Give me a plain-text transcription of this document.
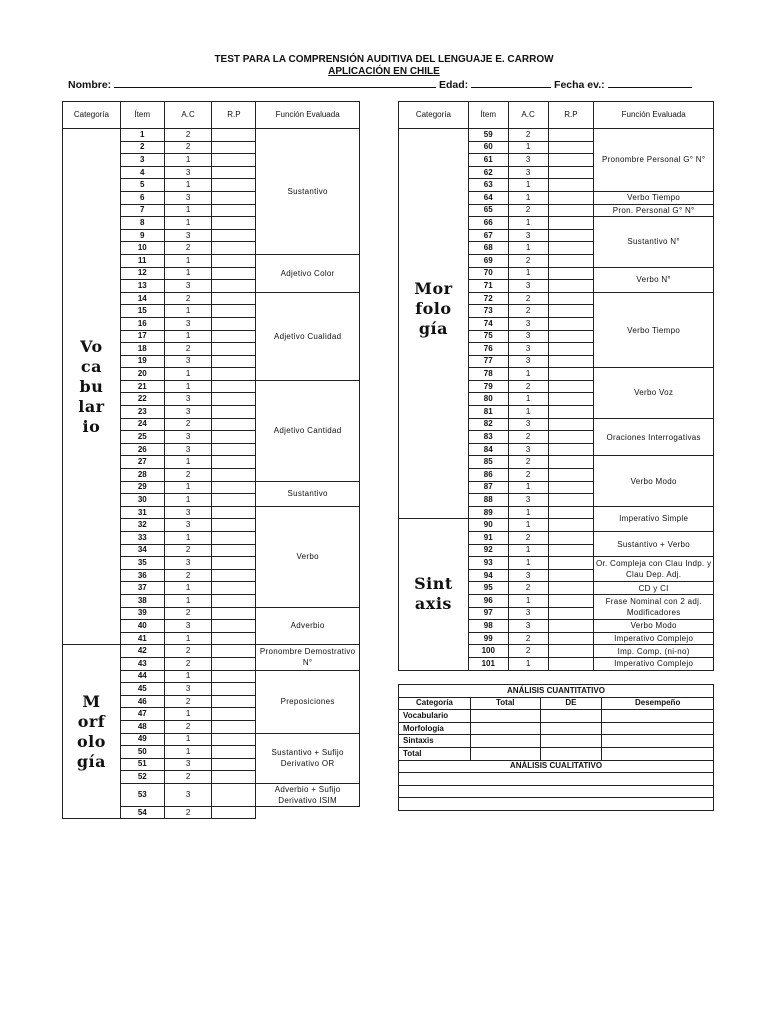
TEST PARA LA COMPRENSIÓN AUDITIVA DEL LENGUAJE E. CARROW
APLICACIÓN EN CHILE
Nombre:	Edad:	Fecha ev.:
Categoría	Ítem	A.C	R.P	Función Evaluada

Vo
ca
bu
lar
io	1	2		Sustantivo
	2	2		
	3	1		
	4	3		
	5	1		
	6	3		
	7	1		
	8	1		
	9	3		
	10	2		
	11	1		Adjetivo Color
	12	1		
	13	3		
	14	2		Adjetivo Cualidad
	15	1		
	16	3		
	17	1		
	18	2		
	19	3		
	20	1		
	21	1		Adjetivo Cantidad
	22	3		
	23	3		
	24	2		
	25	3		
	26	3		
	27	1		
	28	2		
	29	1		Sustantivo
	30	1		
	31	3		Verbo
	32	3		
	33	1		
	34	2		
	35	3		
	36	2		
	37	1		
	38	1		
	39	2		Adverbio
	40	3		
	41	1		

M
orf
olo
gía	42	2		Pronombre Demostrativo N°
	43	2		
	44	1		Preposiciones
	45	3		
	46	2		
	47	1		
	48	2		
	49	1		Sustantivo + Sufijo Derivativo OR
	50	1		
	51	3		
	52	2		
	53	3		Adverbio + Sufijo Derivativo ISIM
	54	2		
Categoría	Ítem	A.C	R.P	Función Evaluada

Mor
folo
gía	59	2		Pronombre Personal G° N°
	60	1		
	61	3		
	62	3		
	63	1		
	64	1		Verbo Tiempo
	65	2		Pron. Personal G° N°
	66	1		Sustantivo N°
	67	3		
	68	1		
	69	2		
	70	1		Verbo N°
	71	3		
	72	2		Verbo Tiempo
	73	2		
	74	3		
	75	3		
	76	3		
	77	3		
	78	1		Verbo Voz
	79	2		
	80	1		
	81	1		
	82	3		Oraciones Interrogativas
	83	2		
	84	3		
	85	2		Verbo Modo
	86	2		
	87	1		
	88	3		
	89	1		Imperativo Simple

Sint
axis	90	1		
	91	2		Sustantivo + Verbo
	92	1		
	93	1		Or. Compleja con Clau Indp. y Clau Dep. Adj.
	94	3		
	95	2		CD y CI
	96	1		Frase Nominal con 2 adj. Modificadores
	97	3		
	98	3		Verbo Modo
	99	2		Imperativo Complejo
	100	2		Imp. Comp. (ni-no)
	101	1		Imperativo Complejo
ANÁLISIS CUANTITATIVO			
Categoría	Total	DE	Desempeño
Vocabulario			
Morfología			
Sintaxis			
Total			
ANÁLISIS CUALITATIVO			
